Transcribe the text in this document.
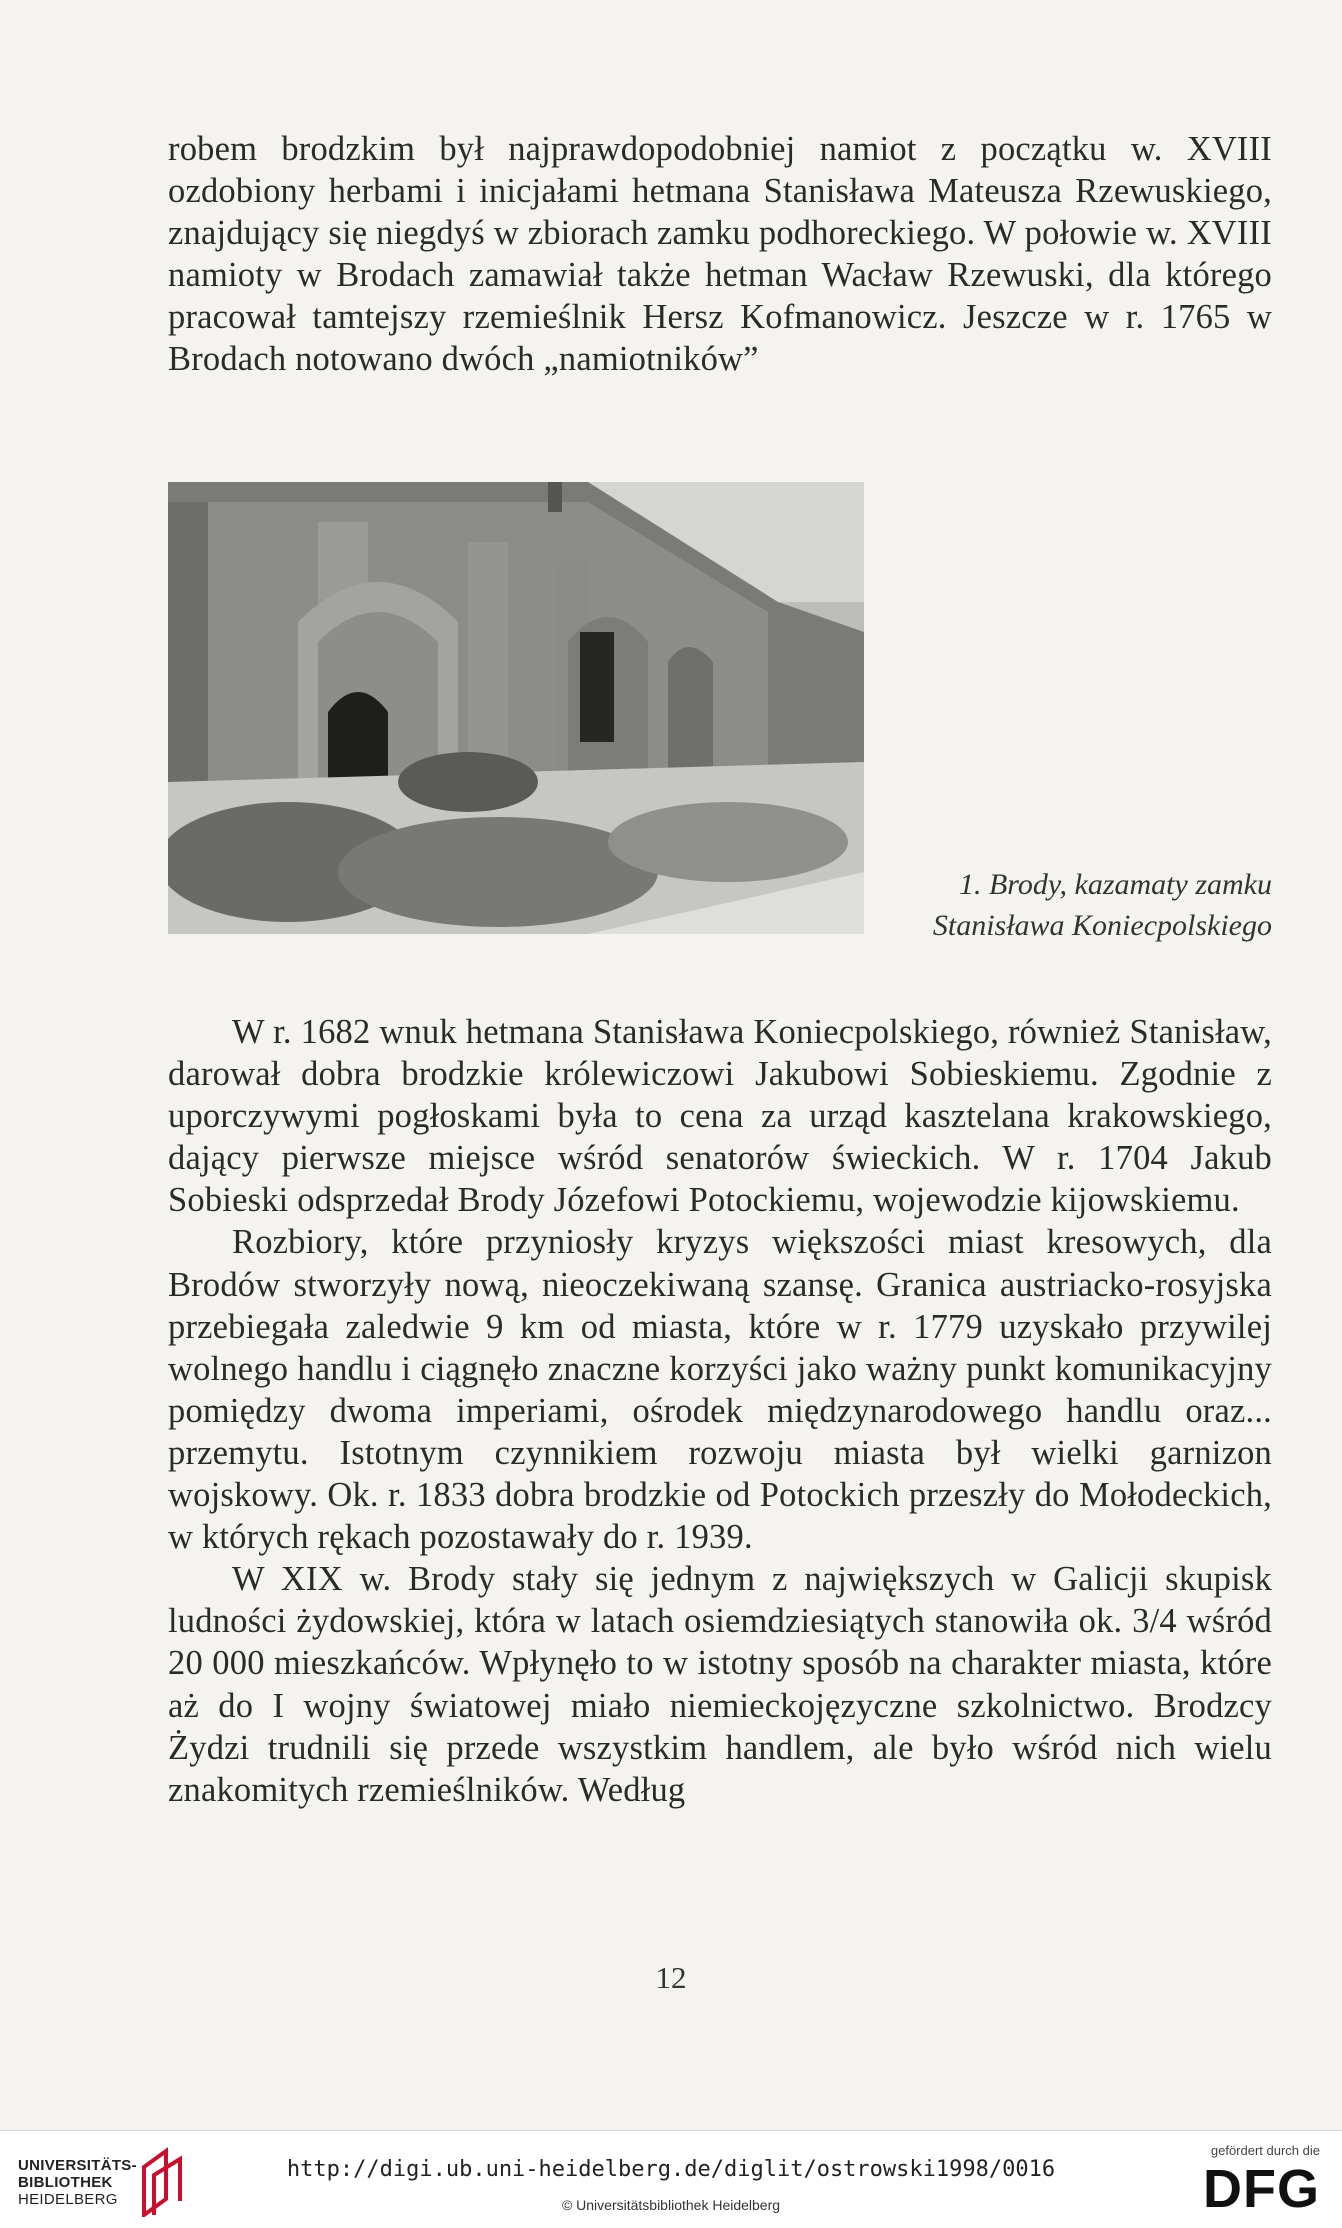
robem brodzkim był najprawdopodobniej namiot z początku w. XVIII ozdobiony herbami i inicjałami hetmana Stanisława Mateusza Rzewuskiego, znajdujący się niegdyś w zbiorach zamku podhoreckiego. W połowie w. XVIII namioty w Brodach zamawiał także hetman Wacław Rzewuski, dla którego pracował tamtejszy rzemieślnik Hersz Kofmanowicz. Jeszcze w r. 1765 w Brodach notowano dwóch „namiotników”

1. Brody, kazamaty zamku
Stanisława Koniecpolskiego

W r. 1682 wnuk hetmana Stanisława Koniecpolskiego, również Stanisław, darował dobra brodzkie królewiczowi Jakubowi Sobieskiemu. Zgodnie z uporczywymi pogłoskami była to cena za urząd kasztelana krakowskiego, dający pierwsze miejsce wśród senatorów świeckich. W r. 1704 Jakub Sobieski odsprzedał Brody Józefowi Potockiemu, wojewodzie kijowskiemu.

Rozbiory, które przyniosły kryzys większości miast kresowych, dla Brodów stworzyły nową, nieoczekiwaną szansę. Granica austriacko-rosyjska przebiegała zaledwie 9 km od miasta, które w r. 1779 uzyskało przywilej wolnego handlu i ciągnęło znaczne korzyści jako ważny punkt komunikacyjny pomiędzy dwoma imperiami, ośrodek międzynarodowego handlu oraz... przemytu. Istotnym czynnikiem rozwoju miasta był wielki garnizon wojskowy. Ok. r. 1833 dobra brodzkie od Potockich przeszły do Mołodeckich, w których rękach pozostawały do r. 1939.

W XIX w. Brody stały się jednym z największych w Galicji skupisk ludności żydowskiej, która w latach osiemdziesiątych stanowiła ok. 3/4 wśród 20 000 mieszkańców. Wpłynęło to w istotny sposób na charakter miasta, które aż do I wojny światowej miało niemieckojęzyczne szkolnictwo. Brodzcy Żydzi trudnili się przede wszystkim handlem, ale było wśród nich wielu znakomitych rzemieślników. Według

12
UNIVERSITÄTS-
BIBLIOTHEK
HEIDELBERG
http://digi.ub.uni-heidelberg.de/diglit/ostrowski1998/0016
© Universitätsbibliothek Heidelberg
gefördert durch die
DFG
